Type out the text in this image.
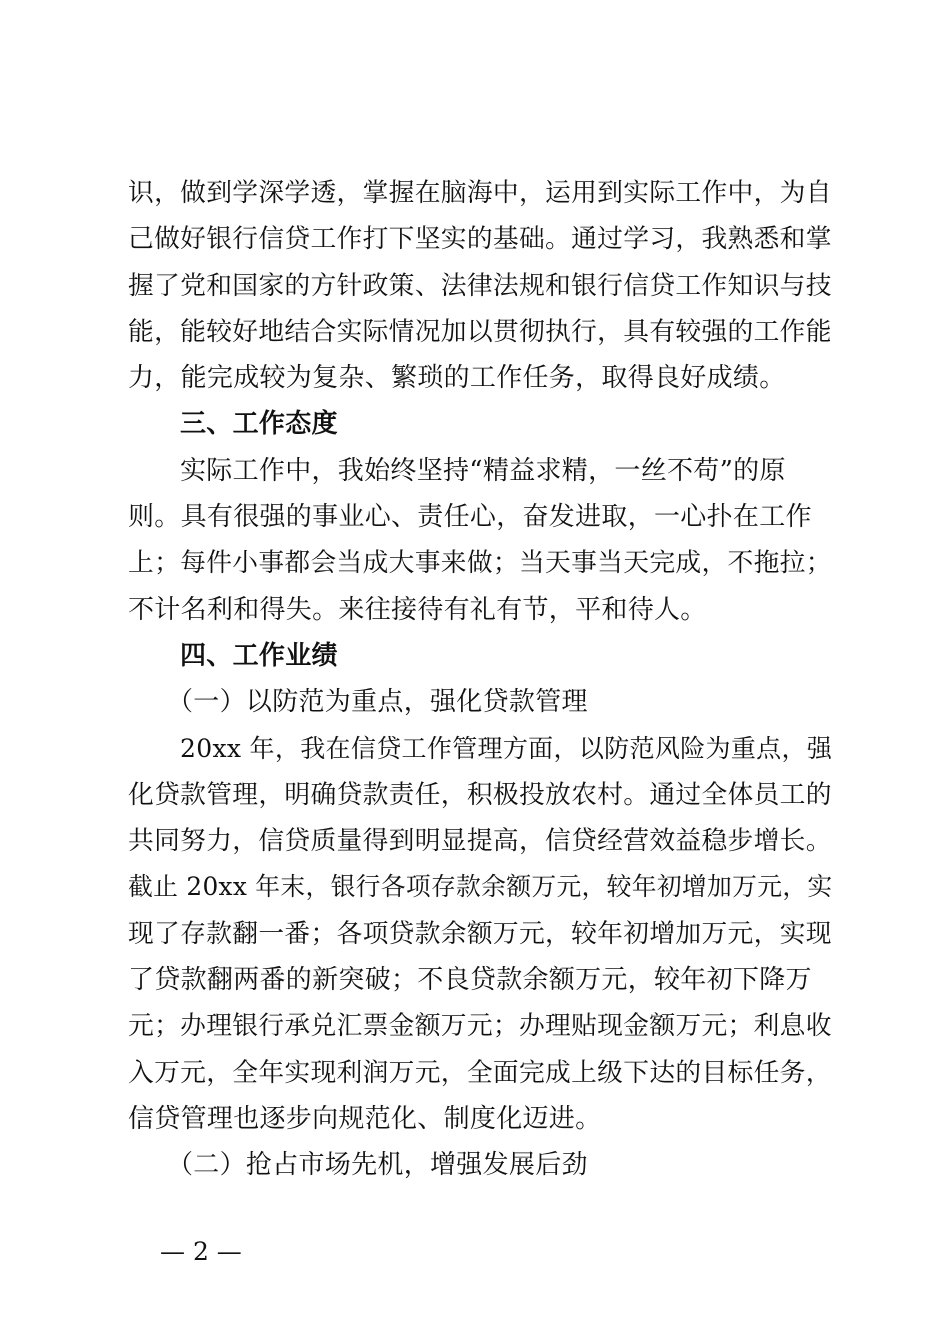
识，做到学深学透，掌握在脑海中，运用到实际工作中，为自
己做好银行信贷工作打下坚实的基础。通过学习，我熟悉和掌
握了党和国家的方针政策、法律法规和银行信贷工作知识与技
能，能较好地结合实际情况加以贯彻执行，具有较强的工作能
力，能完成较为复杂、繁琐的工作任务，取得良好成绩。
三、工作态度
实际工作中，我始终坚持“精益求精，一丝不苟”的原
则。具有很强的事业心、责任心，奋发进取，一心扑在工作
上；每件小事都会当成大事来做；当天事当天完成，不拖拉；
不计名利和得失。来往接待有礼有节，平和待人。
四、工作业绩
（一）以防范为重点，强化贷款管理
20xx 年，我在信贷工作管理方面，以防范风险为重点，强
化贷款管理，明确贷款责任，积极投放农村。通过全体员工的
共同努力，信贷质量得到明显提高，信贷经营效益稳步增长。
截止 20xx 年末，银行各项存款余额万元，较年初增加万元，实
现了存款翻一番；各项贷款余额万元，较年初增加万元，实现
了贷款翻两番的新突破；不良贷款余额万元，较年初下降万
元；办理银行承兑汇票金额万元；办理贴现金额万元；利息收
入万元，全年实现利润万元，全面完成上级下达的目标任务，
信贷管理也逐步向规范化、制度化迈进。
（二）抢占市场先机，增强发展后劲
— 2 —
